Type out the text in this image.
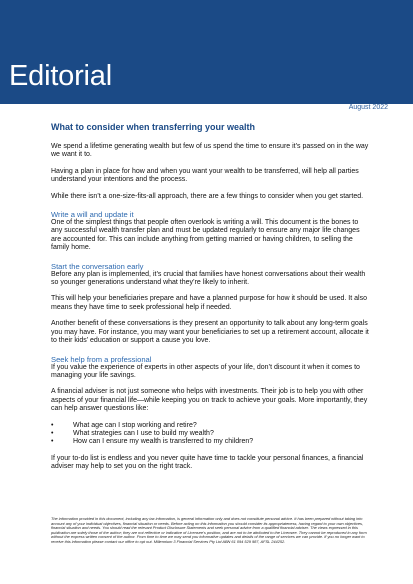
Editorial
August 2022
What to consider when transferring your wealth

We spend a lifetime generating wealth but few of us spend the time to ensure it’s passed on in the way we want it to.

Having a plan in place for how and when you want your wealth to be transferred, will help all parties understand your intentions and the process.

While there isn’t a one-size-fits-all approach, there are a few things to consider when you get started.

Write a will and update it

One of the simplest things that people often overlook is writing a will. This document is the bones to any successful wealth transfer plan and must be updated regularly to ensure any major life changes are accounted for. This can include anything from getting married or having children, to selling the family home.

Start the conversation early

Before any plan is implemented, it’s crucial that families have honest conversations about their wealth so younger generations understand what they’re likely to inherit.

This will help your beneficiaries prepare and have a planned purpose for how it should be used. It also means they have time to seek professional help if needed.

Another benefit of these conversations is they present an opportunity to talk about any long-term goals you may have. For instance, you may want your beneficiaries to set up a retirement account, allocate it to their kids’ education or support a cause you love.

Seek help from a professional

If you value the experience of experts in other aspects of your life, don’t discount it when it comes to managing your life savings.

A financial adviser is not just someone who helps with investments. Their job is to help you with other aspects of your financial life—while keeping you on track to achieve your goals. More importantly, they can help answer questions like:

•	What age can I stop working and retire?
•	What strategies can I use to build my wealth?
•	How can I ensure my wealth is transferred to my children?

If your to-do list is endless and you never quite have time to tackle your personal finances, a financial adviser may help to set you on the right track.

The information provided in this document, including any tax information, is general information only and does not constitute personal advice. It has been prepared without taking into account any of your individual objectives, financial situation or needs. Before acting on this information you should consider its appropriateness, having regard to your own objectives, financial situation and needs. You should read the relevant Product Disclosure Statements and seek personal advice from a qualified financial adviser. The views expressed in this publication are solely those of the author; they are not reflective or indicative of Licensee’s position, and are not to be attributed to the Licensee. They cannot be reproduced in any form without the express written consent of the author. From time to time we may send you informative updates and details of the range of services we can provide. If you no longer want to receive this information please contact our office to opt out. Millennium 3 Financial Services Pty Ltd ABN 61 094 529 987, AFSL 244252.
